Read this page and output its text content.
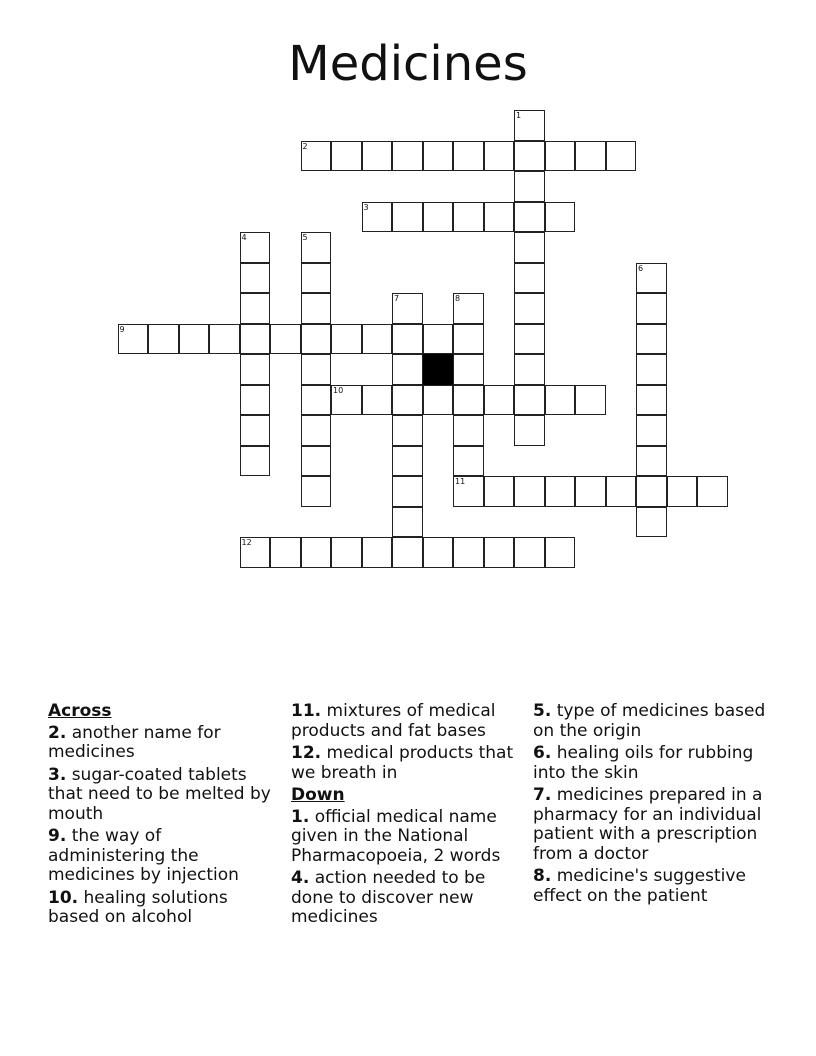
Medicines
1
2
3
4	5
6
7	8
11
9
10
12
Across
2. another name for medicines
3. sugar-coated tablets that need to be melted by mouth
9. the way of administering the medicines by injection
10. healing solutions based on alcohol
11. mixtures of medical products and fat bases
12. medical products that we breath in
Down
1. official medical name given in the National Pharmacopoeia, 2 words
4. action needed to be done to discover new medicines
5. type of medicines based on the origin
6. healing oils for rubbing into the skin
7. medicines prepared in a pharmacy for an individual patient with a prescription from a doctor
8. medicine's suggestive effect on the patient
